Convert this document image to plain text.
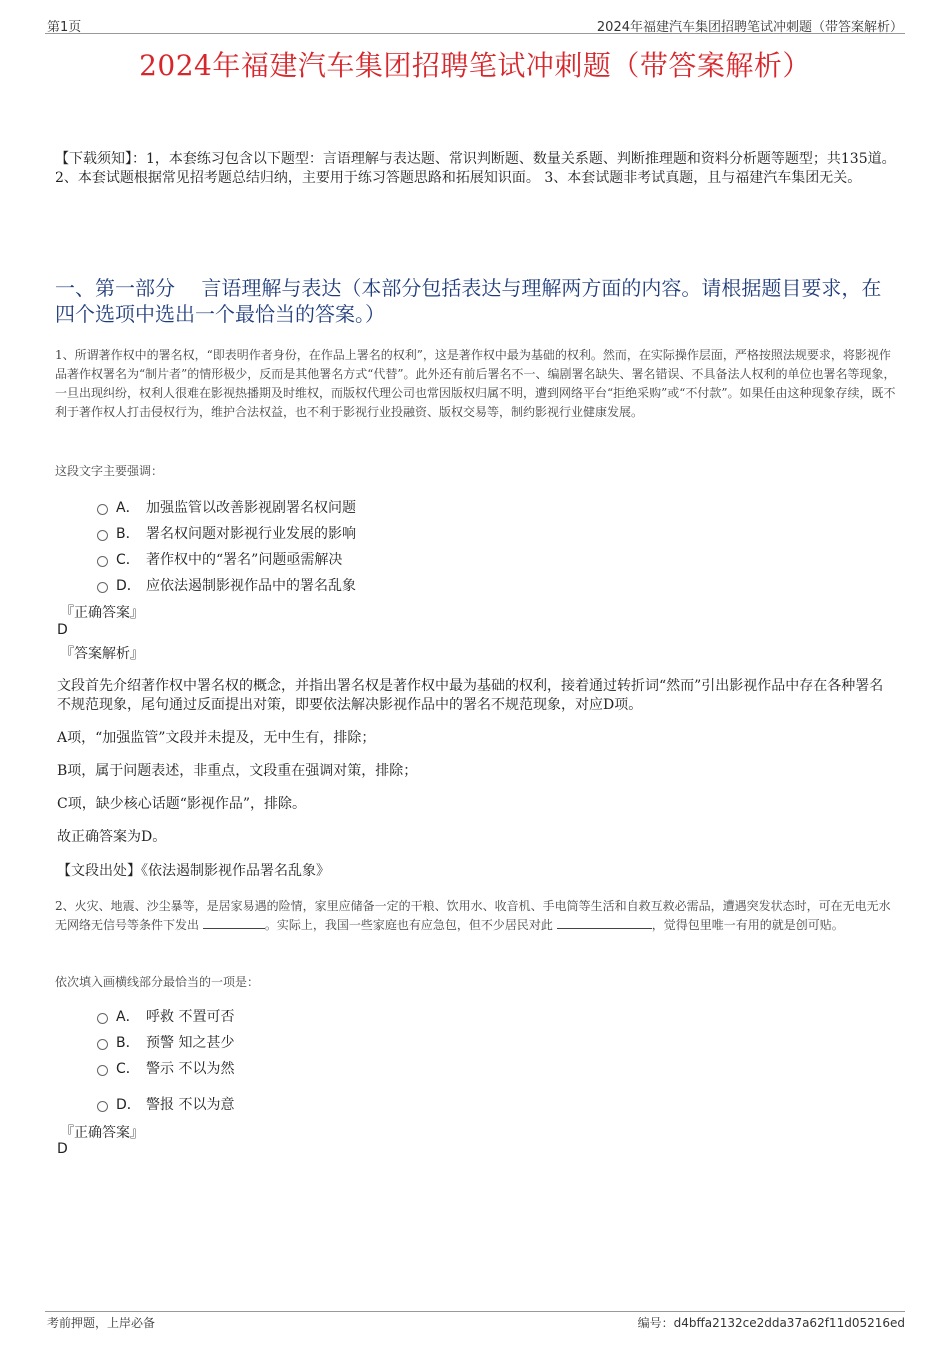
第1页	2024年福建汽车集团招聘笔试冲刺题（带答案解析）
2024年福建汽车集团招聘笔试冲刺题（带答案解析）
【下载须知】：1，本套练习包含以下题型：言语理解与表达题、常识判断题、数量关系题、判断推理题和资料分析题等题型；共135道。 2、本套试题根据常见招考题总结归纳，主要用于练习答题思路和拓展知识面。 3、本套试题非考试真题，且与福建汽车集团无关。
一、第一部分　 言语理解与表达（本部分包括表达与理解两方面的内容。请根据题目要求，在四个选项中选出一个最恰当的答案。）
1、所谓著作权中的署名权，“即表明作者身份，在作品上署名的权利”，这是著作权中最为基础的权利。然而，在实际操作层面，严格按照法规要求，将影视作品著作权署名为“制片者”的情形极少，反而是其他署名方式“代替”。此外还有前后署名不一、编剧署名缺失、署名错误、不具备法人权利的单位也署名等现象，一旦出现纠纷，权利人很难在影视热播期及时维权，而版权代理公司也常因版权归属不明，遭到网络平台“拒绝采购”或“不付款”。如果任由这种现象存续，既不利于著作权人打击侵权行为，维护合法权益，也不利于影视行业投融资、版权交易等，制约影视行业健康发展。
这段文字主要强调：
A． 加强监管以改善影视剧署名权问题
B． 署名权问题对影视行业发展的影响
C． 著作权中的“署名”问题亟需解决
D． 应依法遏制影视作品中的署名乱象
『正确答案』
D
『答案解析』
文段首先介绍著作权中署名权的概念，并指出署名权是著作权中最为基础的权利，接着通过转折词“然而”引出影视作品中存在各种署名不规范现象，尾句通过反面提出对策，即要依法解决影视作品中的署名不规范现象，对应D项。
A项，“加强监管”文段并未提及，无中生有，排除；
B项，属于问题表述，非重点，文段重在强调对策，排除；
C项，缺少核心话题“影视作品”，排除。
故正确答案为D。
【文段出处】《依法遏制影视作品署名乱象》
2、火灾、地震、沙尘暴等，是居家易遇的险情，家里应储备一定的干粮、饮用水、收音机、手电筒等生活和自救互救必需品，遭遇突发状态时，可在无电无水无网络无信号等条件下发出	。实际上，我国一些家庭也有应急包，但不少居民对此	，觉得包里唯一有用的就是创可贴。
依次填入画横线部分最恰当的一项是：
A． 呼救 不置可否
B． 预警 知之甚少
C． 警示 不以为然
D． 警报 不以为意
『正确答案』
D
考前押题，上岸必备	编号：d4bffa2132ce2dda37a62f11d05216ed
